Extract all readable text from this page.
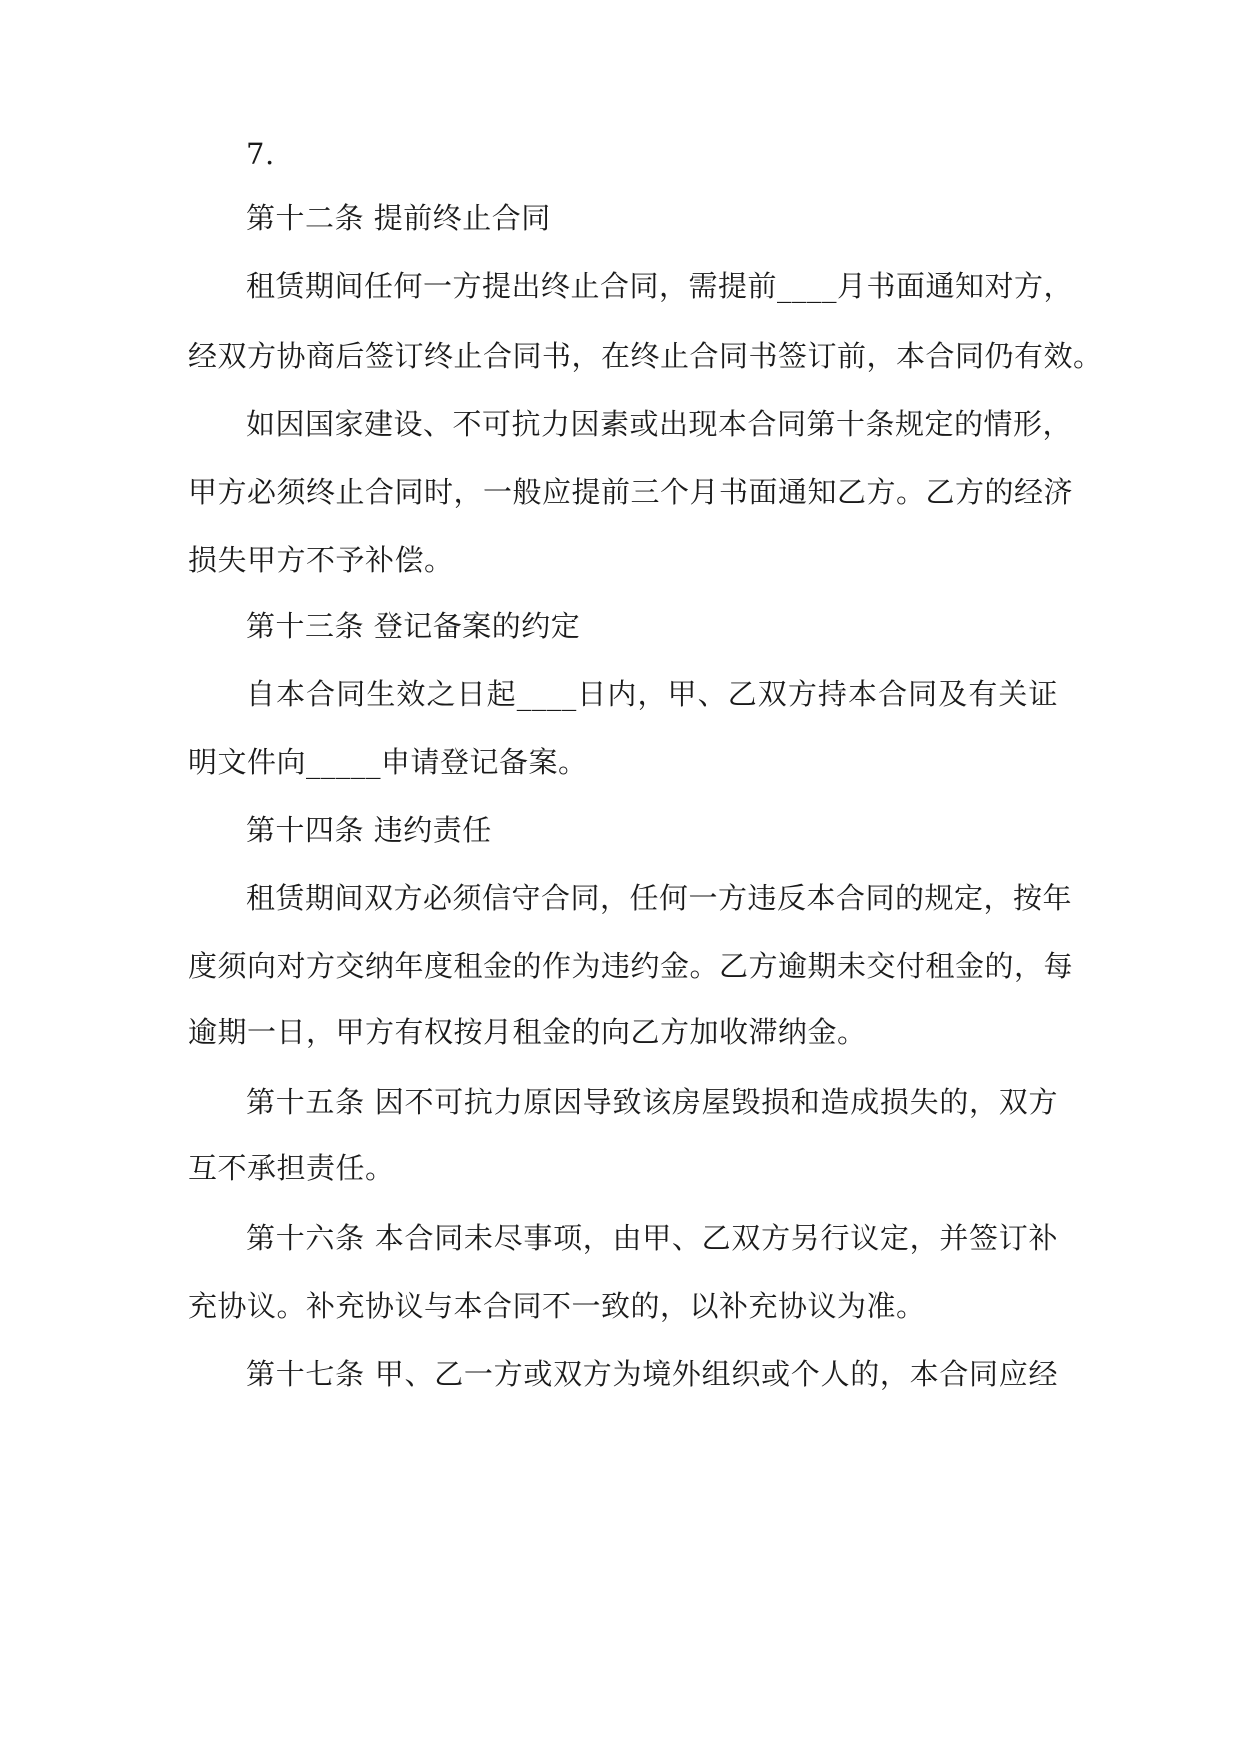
7.

第十二条 提前终止合同

租赁期间任何一方提出终止合同，需提前____月书面通知对方，

经双方协商后签订终止合同书，在终止合同书签订前，本合同仍有效。

如因国家建设、不可抗力因素或出现本合同第十条规定的情形，

甲方必须终止合同时，一般应提前三个月书面通知乙方。乙方的经济

损失甲方不予补偿。

第十三条 登记备案的约定

自本合同生效之日起____日内，甲、乙双方持本合同及有关证

明文件向_____申请登记备案。

第十四条 违约责任

租赁期间双方必须信守合同，任何一方违反本合同的规定，按年

度须向对方交纳年度租金的作为违约金。乙方逾期未交付租金的，每

逾期一日，甲方有权按月租金的向乙方加收滞纳金。

第十五条 因不可抗力原因导致该房屋毁损和造成损失的，双方

互不承担责任。

第十六条 本合同未尽事项，由甲、乙双方另行议定，并签订补

充协议。补充协议与本合同不一致的，以补充协议为准。

第十七条 甲、乙一方或双方为境外组织或个人的，本合同应经
